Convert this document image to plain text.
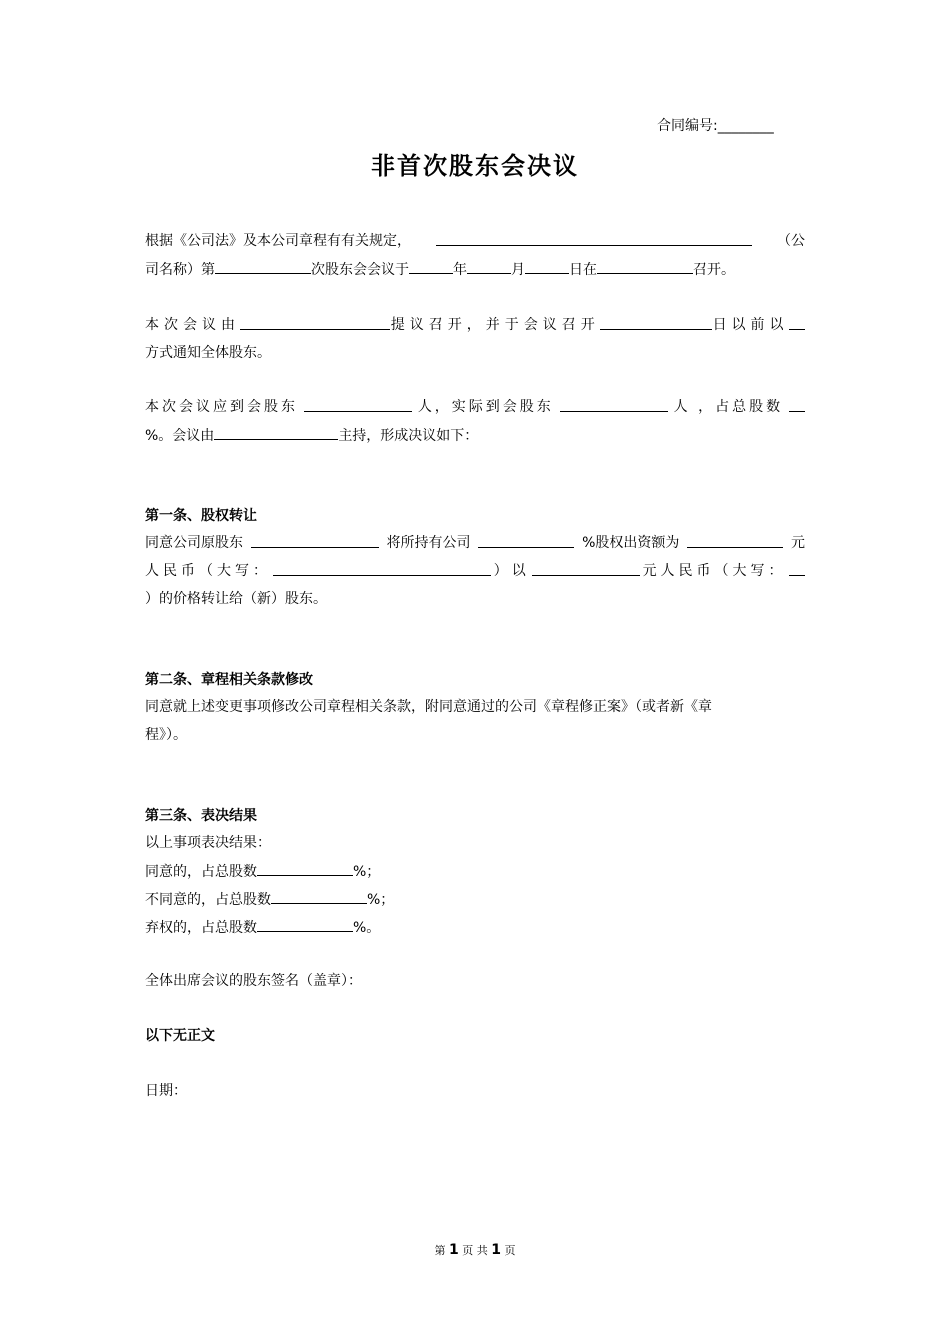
合同编号:________
非首次股东会决议
根据《公司法》及本公司章程有有关规定，	（公
司名称）第	次股东会会议于	年	月	日在	召开。
本次会议由	提议召开，并于会议召开	日以前以
方式通知全体股东。
本次会议应到会股东	人，实际到会股东	人 ，占总股数
%。会议由	主持，形成决议如下：
第一条、股权转让
同意公司原股东	将所持有公司	%股权出资额为	元
人民币（大写：	）以	元人民币（大写：
）的价格转让给（新）股东。
第二条、章程相关条款修改
同意就上述变更事项修改公司章程相关条款，附同意通过的公司《章程修正案》（或者新《章
程》）。
第三条、表决结果
以上事项表决结果：
同意的，占总股数	%；
不同意的，占总股数	%；
弃权的，占总股数	%。
全体出席会议的股东签名（盖章）：
以下无正文
日期：
第 1 页 共 1 页
